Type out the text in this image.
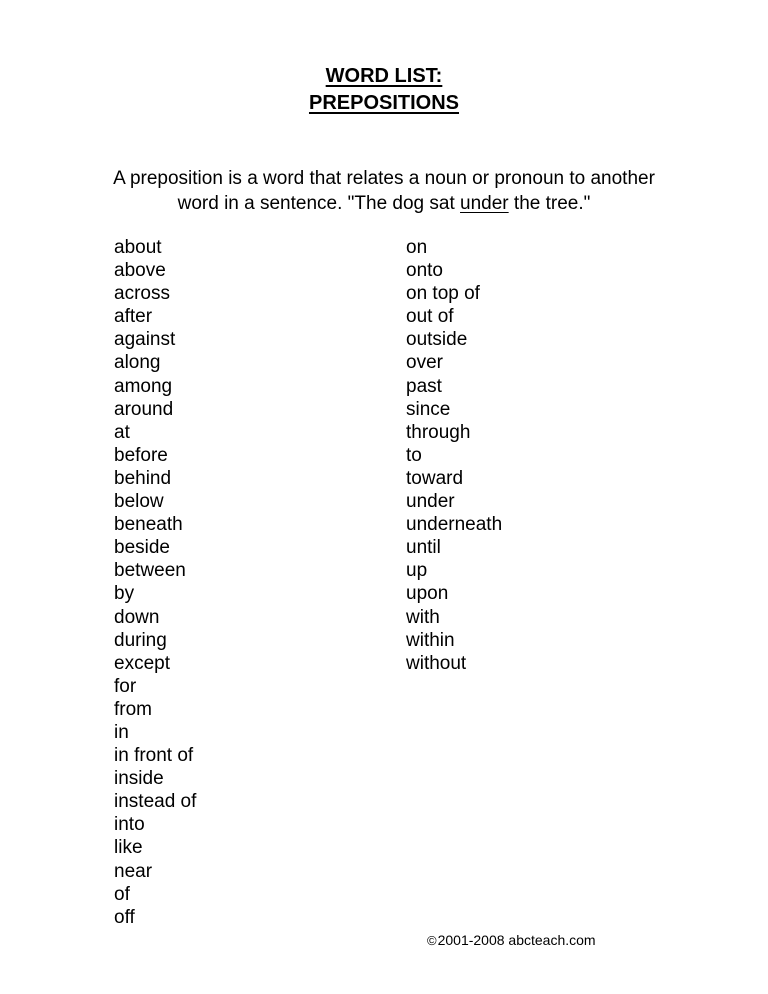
WORD LIST:
PREPOSITIONS

A preposition is a word that relates a noun or pronoun to another word in a sentence. "The dog sat under the tree."

about
above
across
after
against
along
among
around
at
before
behind
below
beneath
beside
between
by
down
during
except
for
from
in
in front of
inside
instead of
into
like
near
of
off
on
onto
on top of
out of
outside
over
past
since
through
to
toward
under
underneath
until
up
upon
with
within
without
©2001-2008 abcteach.com
